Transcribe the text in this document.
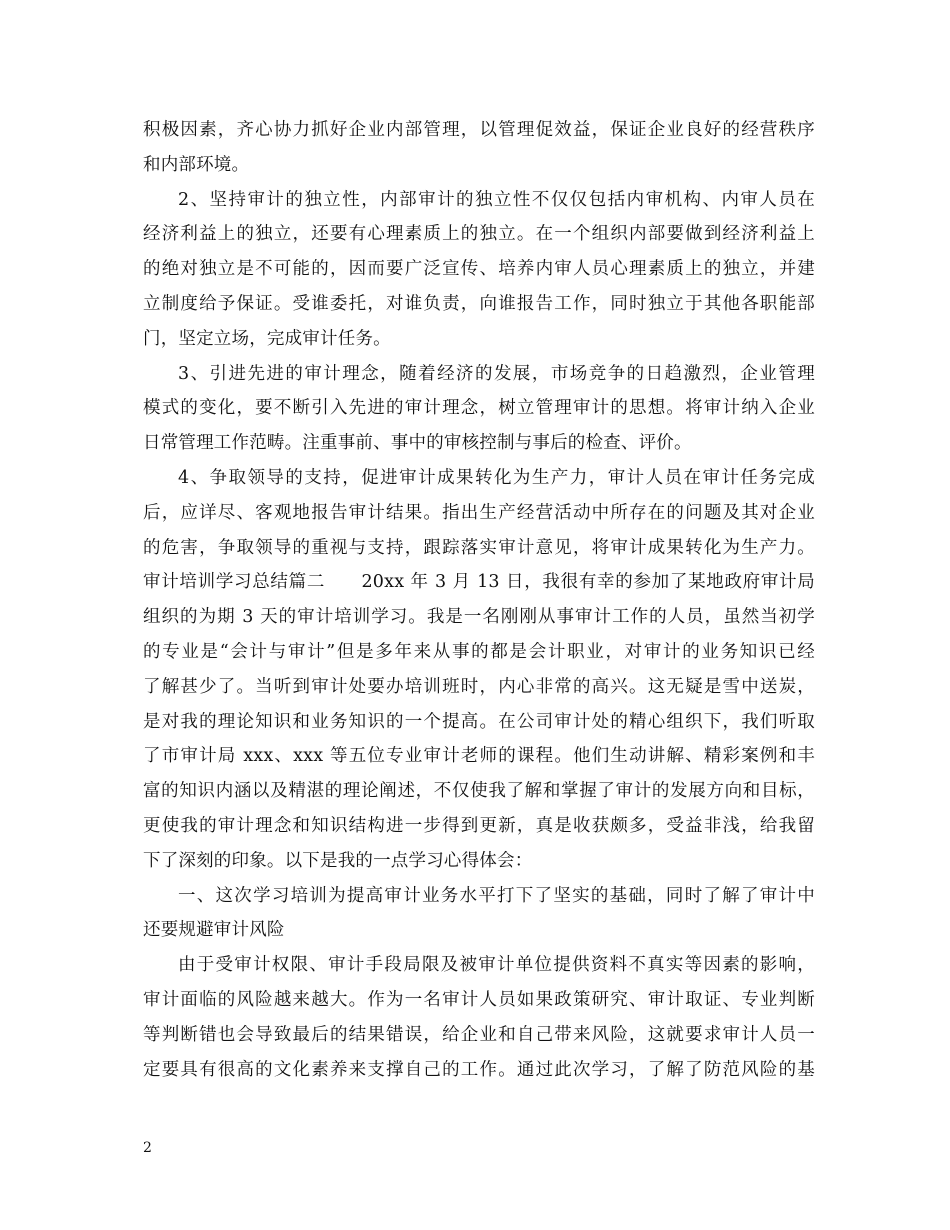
积极因素，齐心协力抓好企业内部管理，以管理促效益，保证企业良好的经营秩序
和内部环境。
2、坚持审计的独立性，内部审计的独立性不仅仅包括内审机构、内审人员在
经济利益上的独立，还要有心理素质上的独立。在一个组织内部要做到经济利益上
的绝对独立是不可能的，因而要广泛宣传、培养内审人员心理素质上的独立，并建
立制度给予保证。受谁委托，对谁负责，向谁报告工作，同时独立于其他各职能部
门，坚定立场，完成审计任务。
3、引进先进的审计理念，随着经济的发展，市场竞争的日趋激烈，企业管理
模式的变化，要不断引入先进的审计理念，树立管理审计的思想。将审计纳入企业
日常管理工作范畴。注重事前、事中的审核控制与事后的检查、评价。
4、争取领导的支持，促进审计成果转化为生产力，审计人员在审计任务完成
后，应详尽、客观地报告审计结果。指出生产经营活动中所存在的问题及其对企业
的危害，争取领导的重视与支持，跟踪落实审计意见，将审计成果转化为生产力。
审计培训学习总结篇二　　20xx 年 3 月 13 日，我很有幸的参加了某地政府审计局
组织的为期 3 天的审计培训学习。我是一名刚刚从事审计工作的人员，虽然当初学
的专业是“会计与审计”但是多年来从事的都是会计职业，对审计的业务知识已经
了解甚少了。当听到审计处要办培训班时，内心非常的高兴。这无疑是雪中送炭，
是对我的理论知识和业务知识的一个提高。在公司审计处的精心组织下，我们听取
了市审计局 xxx、xxx 等五位专业审计老师的课程。他们生动讲解、精彩案例和丰
富的知识内涵以及精湛的理论阐述，不仅使我了解和掌握了审计的发展方向和目标，
更使我的审计理念和知识结构进一步得到更新，真是收获颇多，受益非浅，给我留
下了深刻的印象。以下是我的一点学习心得体会：
一、这次学习培训为提高审计业务水平打下了坚实的基础，同时了解了审计中
还要规避审计风险
由于受审计权限、审计手段局限及被审计单位提供资料不真实等因素的影响，
审计面临的风险越来越大。作为一名审计人员如果政策研究、审计取证、专业判断
等判断错也会导致最后的结果错误，给企业和自己带来风险，这就要求审计人员一
定要具有很高的文化素养来支撑自己的工作。通过此次学习，了解了防范风险的基
2
